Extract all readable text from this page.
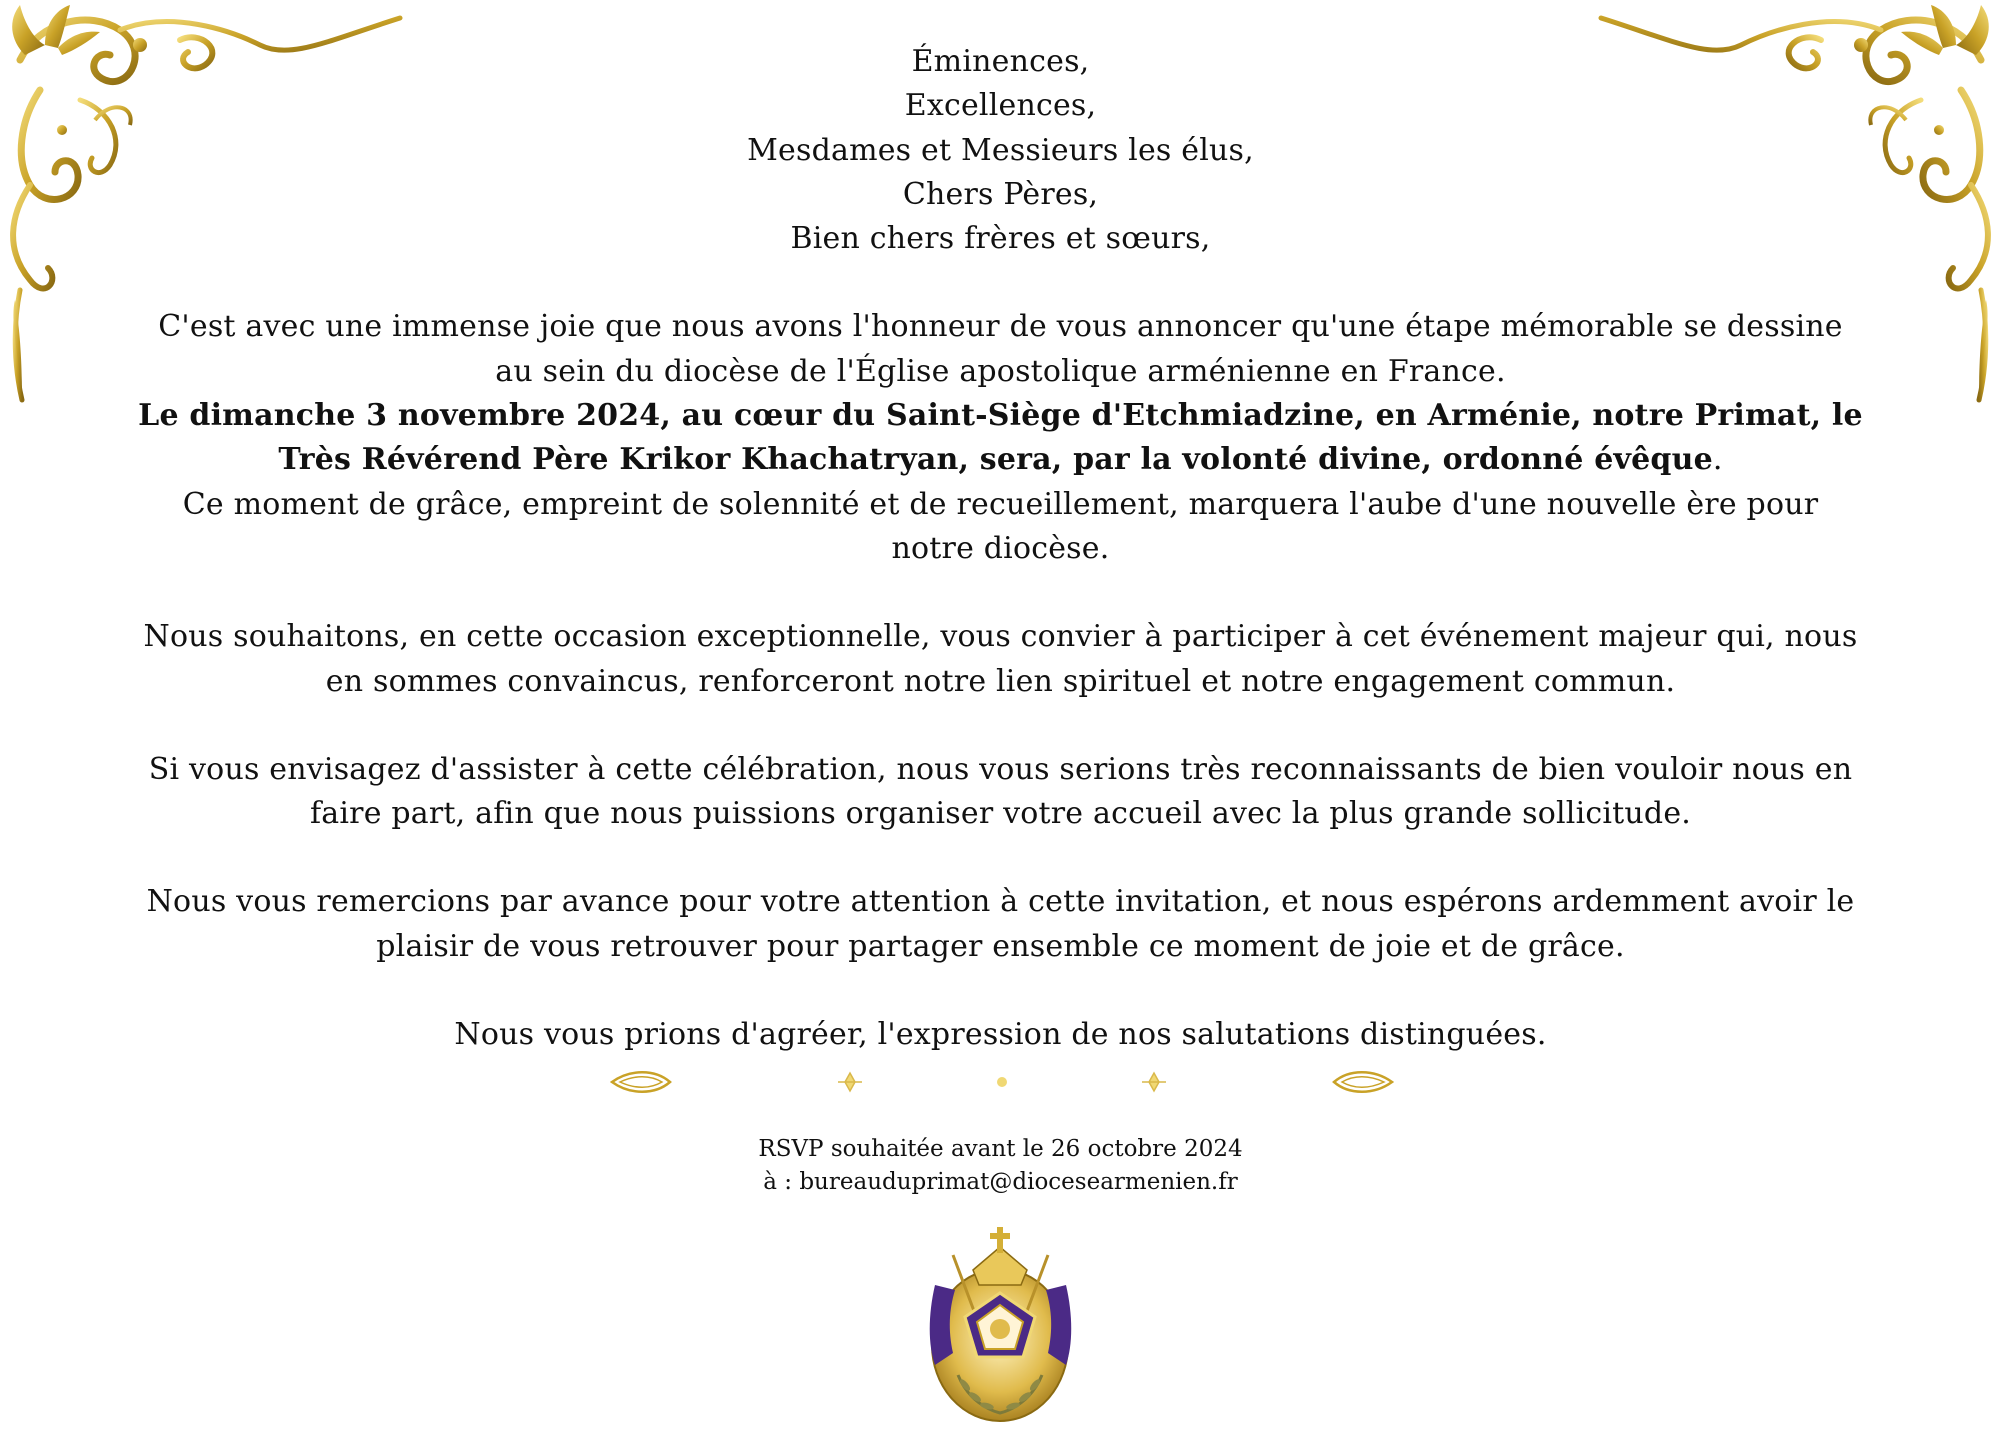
Éminences,

Excellences,

Mesdames et Messieurs les élus,

Chers Pères,

Bien chers frères et sœurs,

C'est avec une immense joie que nous avons l'honneur de vous annoncer qu'une étape mémorable se dessine au sein du diocèse de l'Église apostolique arménienne en France.

Le dimanche 3 novembre 2024, au cœur du Saint-Siège d'Etchmiadzine, en Arménie, notre Primat, le Très Révérend Père Krikor Khachatryan, sera, par la volonté divine, ordonné évêque.

Ce moment de grâce, empreint de solennité et de recueillement, marquera l'aube d'une nouvelle ère pour notre diocèse.

Nous souhaitons, en cette occasion exceptionnelle, vous convier à participer à cet événement majeur qui, nous en sommes convaincus, renforceront notre lien spirituel et notre engagement commun.

Si vous envisagez d'assister à cette célébration, nous vous serions très reconnaissants de bien vouloir nous en faire part, afin que nous puissions organiser votre accueil avec la plus grande sollicitude.

Nous vous remercions par avance pour votre attention à cette invitation, et nous espérons ardemment avoir le plaisir de vous retrouver pour partager ensemble ce moment de joie et de grâce.

Nous vous prions d'agréer, l'expression de nos salutations distinguées.

RSVP souhaitée avant le 26 octobre 2024

à : bureauduprimat@diocesearmenien.fr
